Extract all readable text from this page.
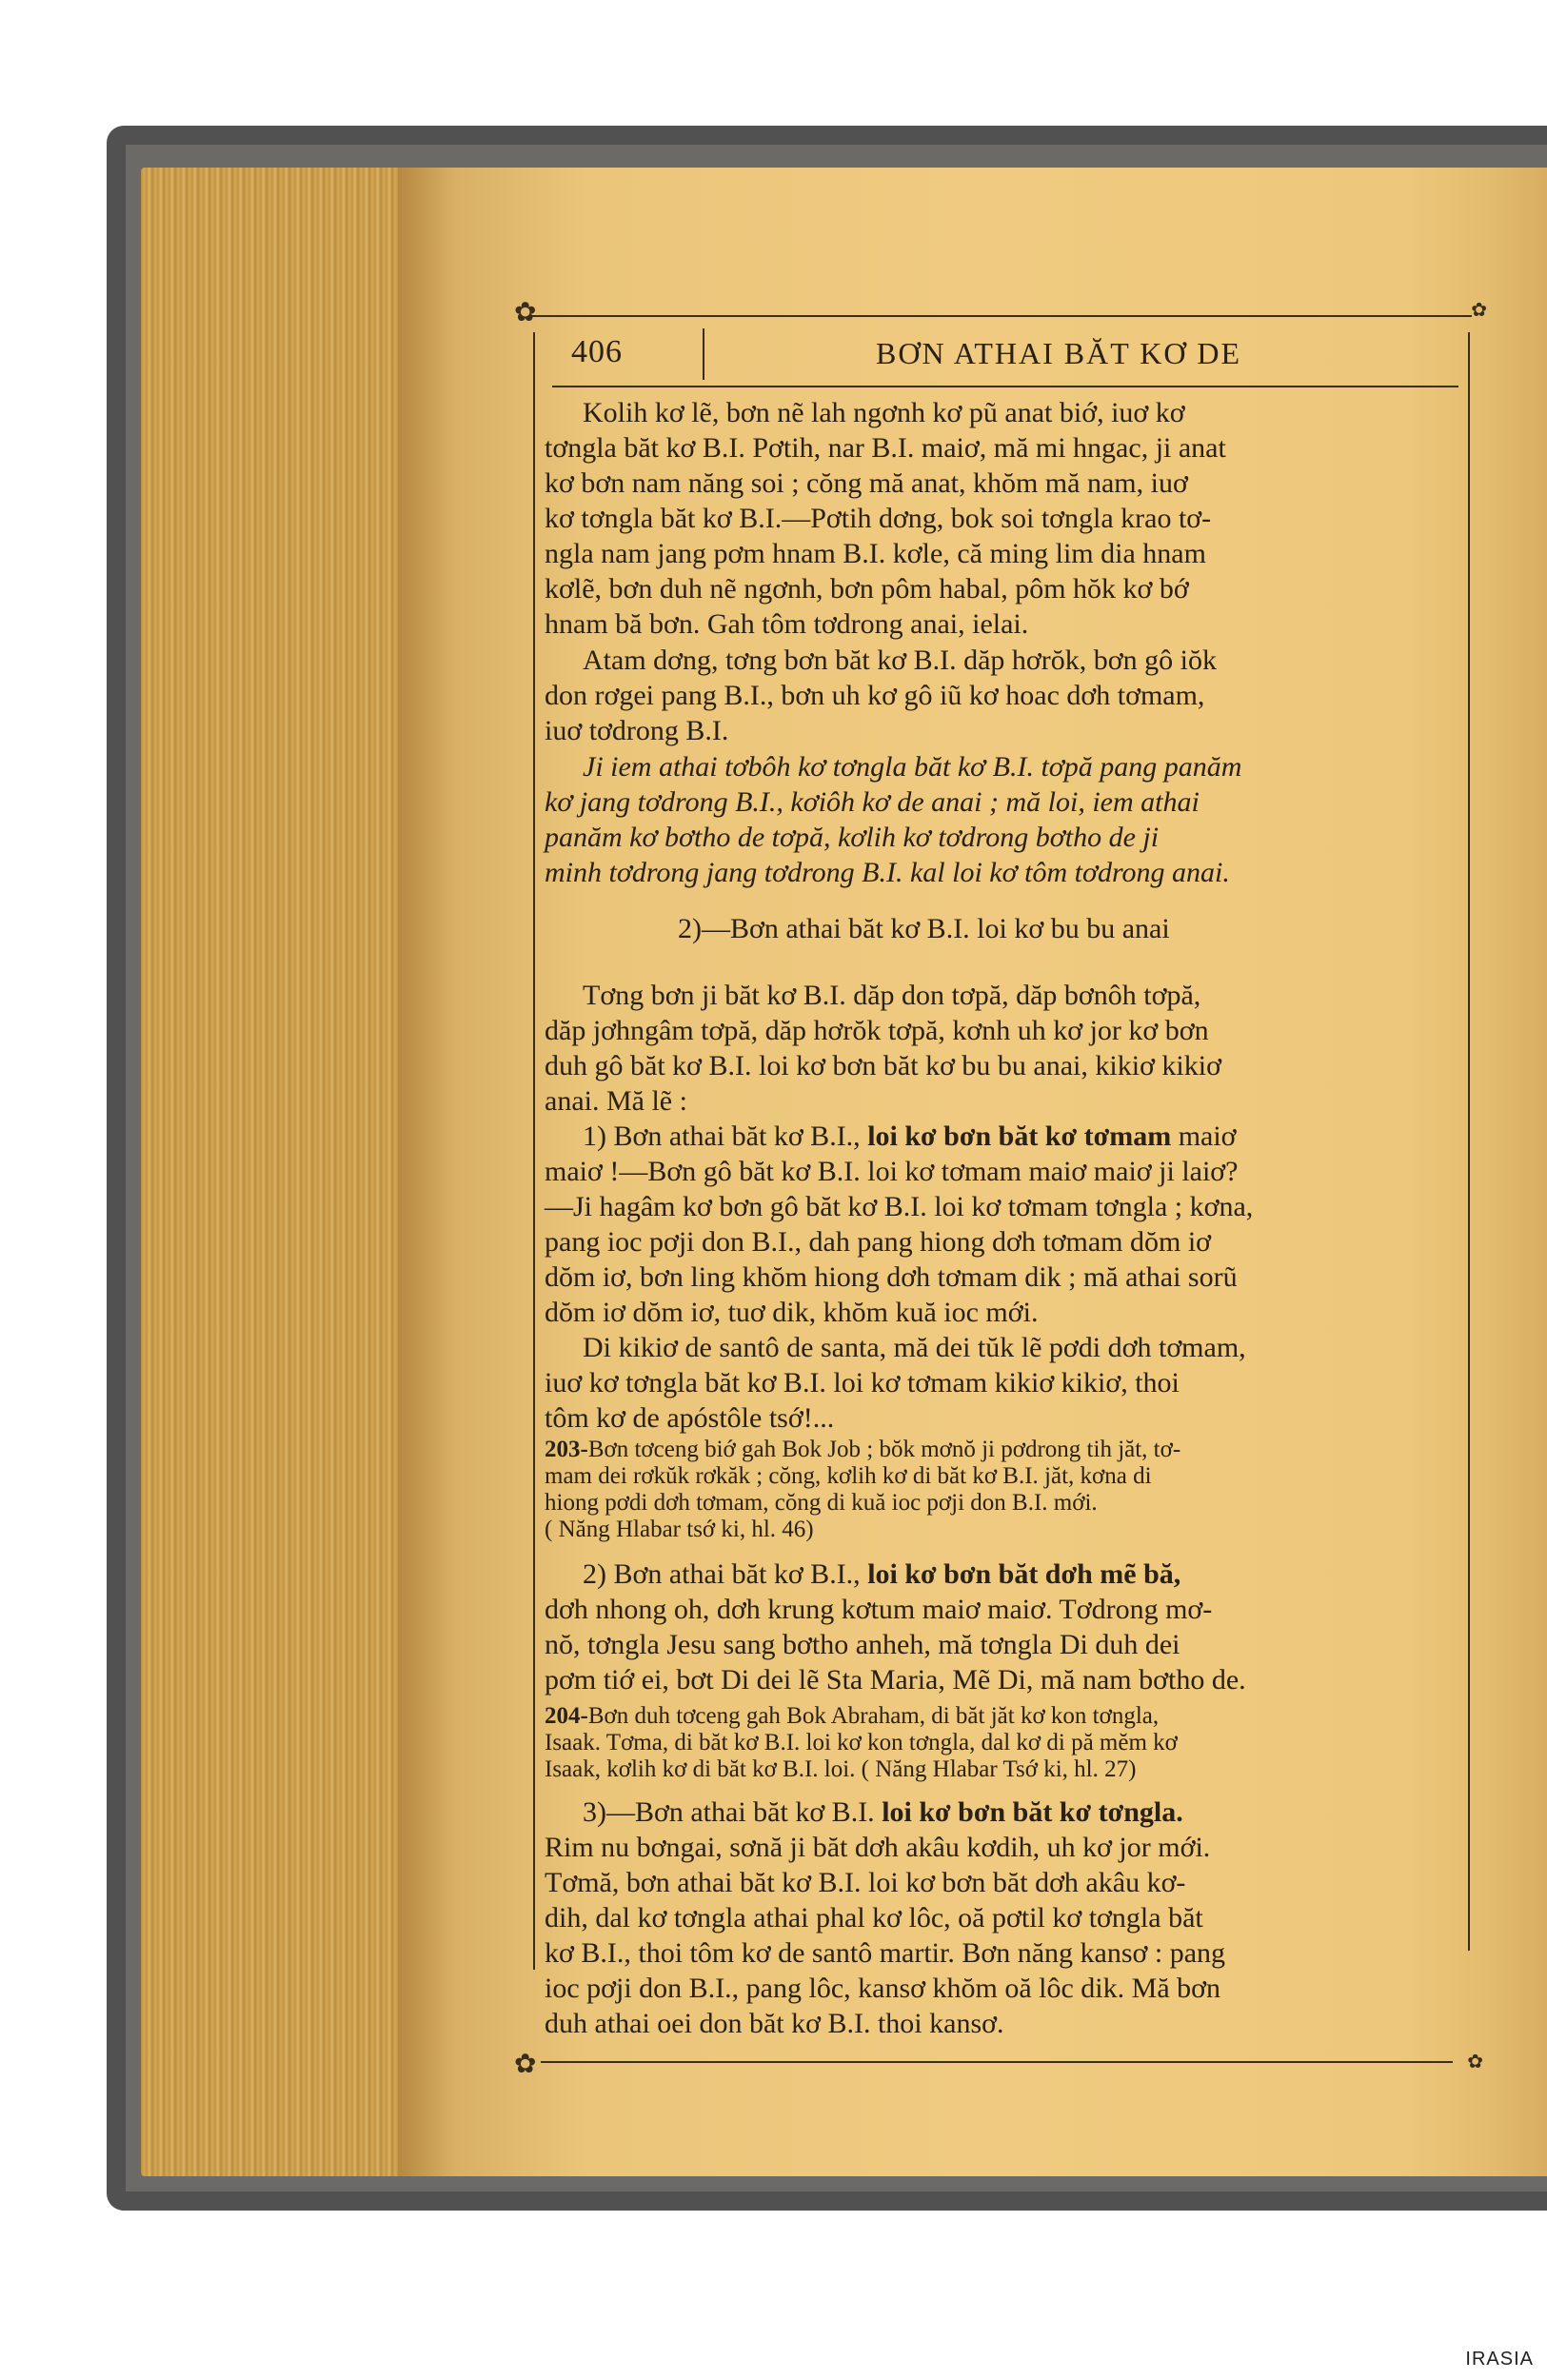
✿	✿
406	BƠN ATHAI BĂT KƠ DE
Kolih kơ lẽ, bơn nẽ lah ngơnh kơ pũ anat biớ, iuơ kơ
tơngla băt kơ B.I. Pơtih, nar B.I. maiơ, mă mi hngac, ji anat
kơ bơn nam năng soi ; cŏng mă anat, khŏm mă nam, iuơ
kơ tơngla băt kơ B.I.—Pơtih dơng, bok soi tơngla krao tơ-
ngla nam jang pơm hnam B.I. kơle, că ming lim dia hnam
kơlẽ, bơn duh nẽ ngơnh, bơn pôm habal, pôm hŏk kơ bớ
hnam bă bơn. Gah tôm tơdrong anai, ielai.
Atam dơng, tơng bơn băt kơ B.I. dăp hơrŏk, bơn gô iŏk
don rơgei pang B.I., bơn uh kơ gô iũ kơ hoac dơh tơmam,
iuơ tơdrong B.I.
Ji iem athai tơbôh kơ tơngla băt kơ B.I. tơpă pang panăm
kơ jang tơdrong B.I., kơiôh kơ de anai ; mă loi, iem athai
panăm kơ bơtho de tơpă, kơlih kơ tơdrong bơtho de ji
minh tơdrong jang tơdrong B.I. kal loi kơ tôm tơdrong anai.
2)—Bơn athai băt kơ B.I. loi kơ bu bu anai
Tơng bơn ji băt kơ B.I. dăp don tơpă, dăp bơnôh tơpă,
dăp jơhngâm tơpă, dăp hơrŏk tơpă, kơnh uh kơ jor kơ bơn
duh gô băt kơ B.I. loi kơ bơn băt kơ bu bu anai, kikiơ kikiơ
anai. Mă lẽ :
1) Bơn athai băt kơ B.I., loi kơ bơn băt kơ tơmam maiơ
maiơ !—Bơn gô băt kơ B.I. loi kơ tơmam maiơ maiơ ji laiơ?
—Ji hagâm kơ bơn gô băt kơ B.I. loi kơ tơmam tơngla ; kơna,
pang ioc pơji don B.I., dah pang hiong dơh tơmam dŏm iơ
dŏm iơ, bơn ling khŏm hiong dơh tơmam dik ; mă athai sorũ
dŏm iơ dŏm iơ, tuơ dik, khŏm kuă ioc mới.
Di kikiơ de santô de santa, mă dei tŭk lẽ pơdi dơh tơmam,
iuơ kơ tơngla băt kơ B.I. loi kơ tơmam kikiơ kikiơ, thoi
tôm kơ de apóstôle tsớ!...
203-Bơn tơceng biớ gah Bok Job ; bŏk mơnŏ ji pơdrong tih jăt, tơ-
mam dei rơkŭk rơkăk ; cŏng, kơlih kơ di băt kơ B.I. jăt, kơna di
hiong pơdi dơh tơmam, cŏng di kuă ioc pơji don B.I. mới.
( Năng Hlabar tsớ ki, hl. 46)
2) Bơn athai băt kơ B.I., loi kơ bơn băt dơh mẽ bă,
dơh nhong oh, dơh krung kơtum maiơ maiơ. Tơdrong mơ-
nŏ, tơngla Jesu sang bơtho anheh, mă tơngla Di duh dei
pơm tiớ ei, bơt Di dei lẽ Sta Maria, Mẽ Di, mă nam bơtho de.
204-Bơn duh tơceng gah Bok Abraham, di băt jăt kơ kon tơngla,
Isaak. Tơma, di băt kơ B.I. loi kơ kon tơngla, dal kơ di pă mĕm kơ
Isaak, kơlih kơ di băt kơ B.I. loi. ( Năng Hlabar Tsớ ki, hl. 27)
3)—Bơn athai băt kơ B.I. loi kơ bơn băt kơ tơngla.
Rim nu bơngai, sơnă ji băt dơh akâu kơdih, uh kơ jor mới.
Tơmă, bơn athai băt kơ B.I. loi kơ bơn băt dơh akâu kơ-
dih, dal kơ tơngla athai phal kơ lôc, oă pơtil kơ tơngla băt
kơ B.I., thoi tôm kơ de santô martir. Bơn năng kansơ : pang
ioc pơji don B.I., pang lôc, kansơ khŏm oă lôc dik. Mă bơn
duh athai oei don băt kơ B.I. thoi kansơ.
✿	✿
IRASIA
